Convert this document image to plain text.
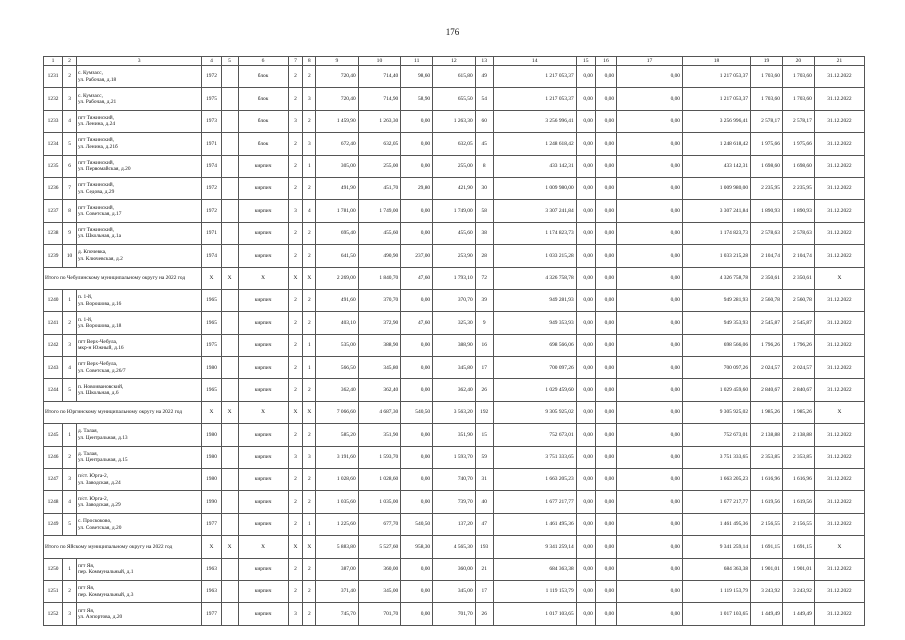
176
1	2	3	4	5	6	7	8	9	10	11	12	13	14	15	16	17	18	19	20	21
1231	2	с. Кумзасс,
ул. Рабочая, д.18	1972		блок	2	2	720,40	714,40	98,60	615,80	49	1 217 053,37	0,00	0,00	0,00	1 217 053,37	1 703,60	1 703,60	31.12.2022
1232	3	с. Кумзасс,
ул. Рабочая, д.21	1975		блок	2	3	720,40	714,90	58,90	655,50	54	1 217 053,37	0,00	0,00	0,00	1 217 053,37	1 703,60	1 703,60	31.12.2022
1233	4	пгт Тяжинский,
ул. Ленина, д.24	1973		блок	3	2	1 459,90	1 263,30	0,00	1 263,30	60	3 256 996,41	0,00	0,00	0,00	3 256 996,41	2 578,17	2 578,17	31.12.2022
1234	5	пгт Тяжинский,
ул. Ленина, д.21б	1971		блок	2	3	672,40	632,05	0,00	632,05	45	1 248 618,42	0,00	0,00	0,00	1 248 618,42	1 975,66	1 975,66	31.12.2022
1235	6	пгт Тяжинский,
ул. Первомайская, д.20	1974		кирпич	2	1	305,00	255,00	0,00	255,00	8	433 142,31	0,00	0,00	0,00	433 142,31	1 698,60	1 698,60	31.12.2022
1236	7	пгт Тяжинский,
ул. Седова, д.29	1972		кирпич	2	2	491,90	451,70	29,80	421,90	30	1 009 980,00	0,00	0,00	0,00	1 009 980,00	2 235,95	2 235,95	31.12.2022
1237	8	пгт Тяжинский,
ул. Советская, д.17	1972		кирпич	3	4	1 781,00	1 749,00	0,00	1 749,00	58	3 307 241,84	0,00	0,00	0,00	3 307 241,84	1 890,93	1 890,93	31.12.2022
1238	9	пгт Тяжинский,
ул. Школьная, д.1а	1971		кирпич	2	2	695,40	455,60	0,00	455,60	38	1 174 823,73	0,00	0,00	0,00	1 174 823,73	2 578,63	2 578,63	31.12.2022
1239	10	д. Кпочевка,
ул. Ключевская, д.2	1974		кирпич	2	2	641,50	490,90	237,00	253,90	28	1 033 215,28	0,00	0,00	0,00	1 033 215,28	2 104,74	2 104,74	31.12.2022
Итого по Чебулинскому муниципальному округу на 2022 год			X	X	X	X	X	2 269,00	1 840,70	47,60	1 793,10	72	4 326 758,78	0,00	0,00	0,00	4 326 758,78	2 350,61	2 350,61	X
1240	1	п. 1-й,
ул. Ворошова, д.16	1965		кирпич	2	2	491,60	370,70	0,00	370,70	39	949 281,93	0,00	0,00	0,00	949 281,93	2 560,78	2 560,78	31.12.2022
1241	2	п. 1-й,
ул. Ворошова, д.18	1965		кирпич	2	2	403,10	372,90	47,60	325,30	9	949 353,93	0,00	0,00	0,00	949 353,93	2 545,87	2 545,87	31.12.2022
1242	3	пгт Верх-Чебула,
мкр-н Южный, д.16	1975		кирпич	2	1	535,00	388,90	0,00	388,90	16	698 566,06	0,00	0,00	0,00	698 566,06	1 796,26	1 796,26	31.12.2022
1243	4	пгт Верх-Чебула,
ул. Советская, д.26/7	1980		кирпич	2	1	566,50	345,80	0,00	345,80	17	700 097,26	0,00	0,00	0,00	700 097,26	2 024,57	2 024,57	31.12.2022
1244	5	п. Новоивановский,
ул. Школьная, д.6	1965		кирпич	2	2	362,40	362,40	0,00	362,40	26	1 029 459,60	0,00	0,00	0,00	1 029 459,60	2 840,67	2 840,67	31.12.2022
Итого по Юргинскому муниципальному округу на 2022 год			X	X	X	X	X	7 066,60	4 687,30	540,50	3 563,20	192	9 305 925,02	0,00	0,00	0,00	9 305 925,02	1 985,26	1 985,26	X
1245	1	д. Талая,
ул. Центральная, д.13	1980		кирпич	2	2	585,20	351,90	0,00	351,90	15	752 673,01	0,00	0,00	0,00	752 673,01	2 138,88	2 138,88	31.12.2022
1246	2	д. Талая,
ул. Центральная, д.15	1980		кирпич	3	3	3 191,60	1 593,70	0,00	1 593,70	59	3 751 333,65	0,00	0,00	0,00	3 751 333,65	2 353,85	2 353,85	31.12.2022
1247	3	п/ст. Юрга-2,
ул. Заводская, д.24	1980		кирпич	2	2	1 028,60	1 028,60	0,00	740,70	31	1 663 205,23	0,00	0,00	0,00	1 663 205,23	1 616,96	1 616,96	31.12.2022
1248	4	п/ст. Юрга-2,
ул. Заводская, д.29	1990		кирпич	2	2	1 035,60	1 035,00	0,00	739,70	40	1 677 217,77	0,00	0,00	0,00	1 677 217,77	1 619,56	1 619,56	31.12.2022
1249	5	с. Проскоково,
ул. Советская, д.20	1977		кирпич	2	1	1 225,60	677,70	540,50	137,20	47	1 461 495,36	0,00	0,00	0,00	1 461 495,36	2 156,55	2 156,55	31.12.2022
Итого по Яйскому муниципальному округу на 2022 год			X	X	X	X	X	5 883,80	5 527,60	958,30	4 565,30	193	9 341 259,14	0,00	0,00	0,00	9 341 259,14	1 691,15	1 691,15	X
1250	1	пгт Яя,
пер. Коммунальный, д.1	1963		кирпич	2	2	387,00	360,00	0,00	360,00	21	684 363,38	0,00	0,00	0,00	684 363,38	1 901,01	1 901,01	31.12.2022
1251	2	пгт Яя,
пер. Коммунальный, д.3	1963		кирпич	2	2	371,40	345,00	0,00	345,00	17	1 119 153,79	0,00	0,00	0,00	1 119 153,79	3 243,92	3 243,92	31.12.2022
1252	3	пгт Яя,
ул. Аэпортова, д.20	1977		кирпич	3	2	745,70	701,70	0,00	701,70	26	1 017 103,65	0,00	0,00	0,00	1 017 103,65	1 449,49	1 449,49	31.12.2022
